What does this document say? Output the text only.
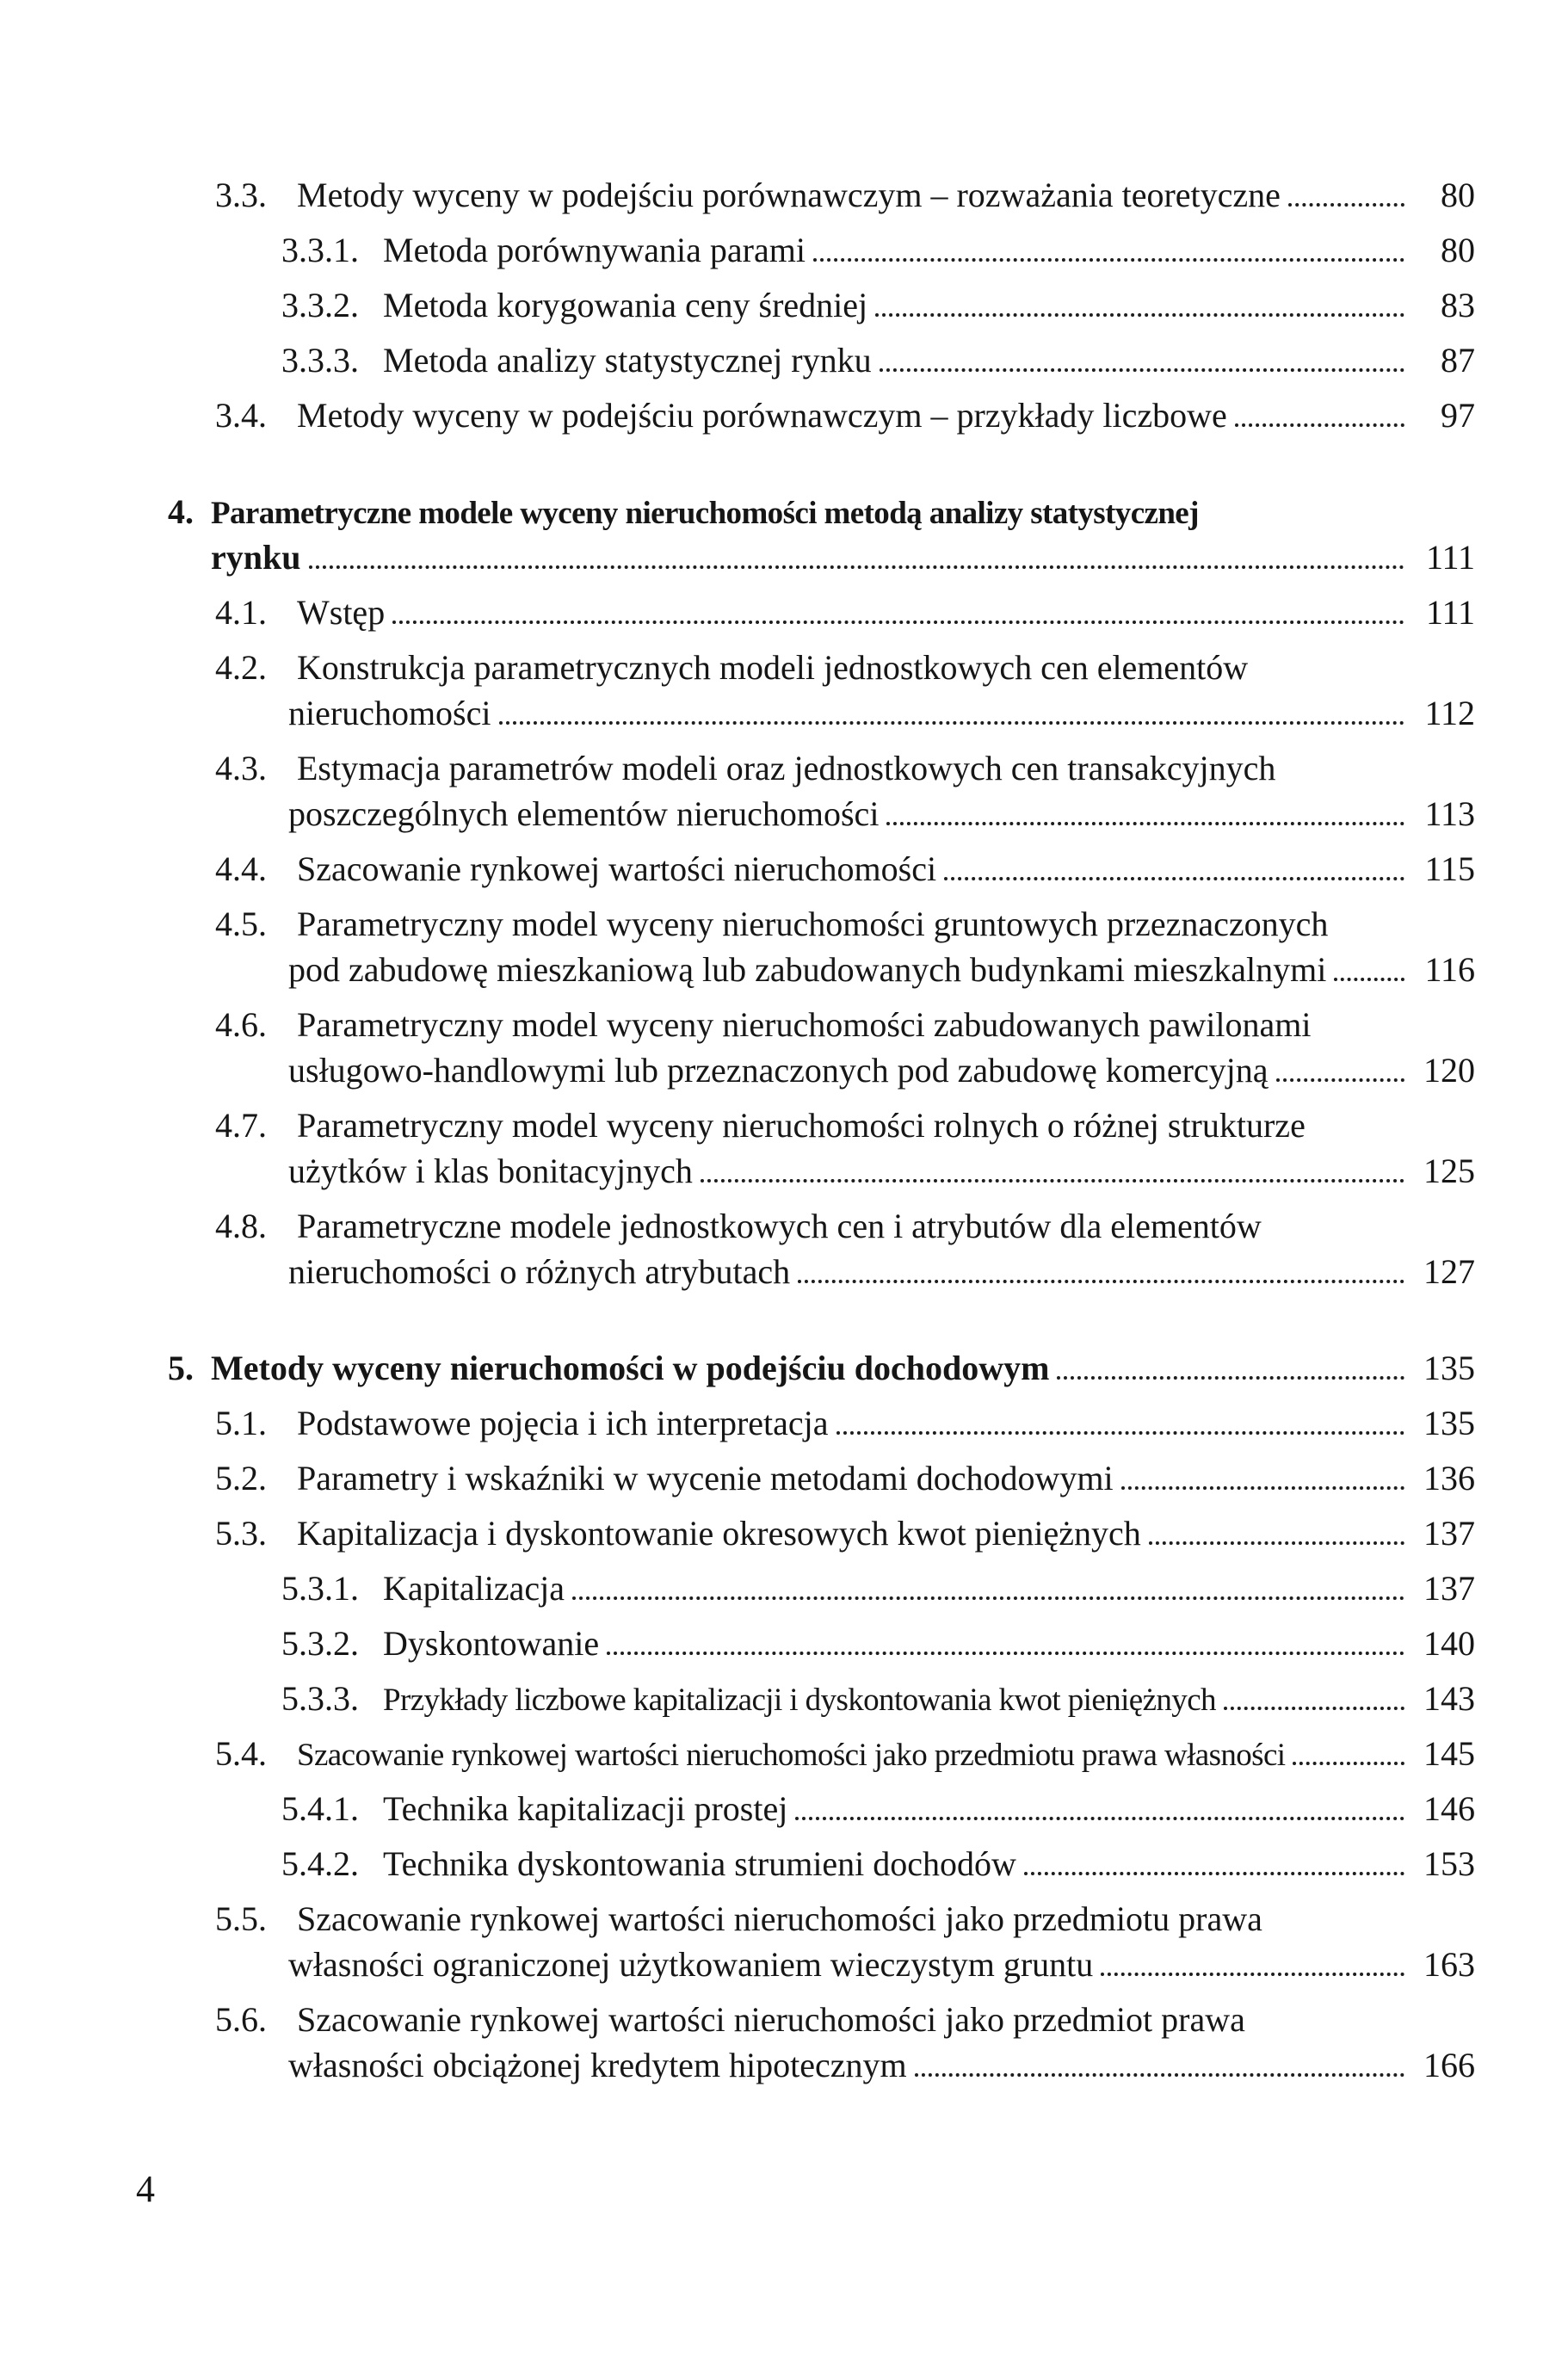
3.3. Metody wyceny w podejściu porównawczym – rozważania teoretyczne	80
3.3.1. Metoda porównywania parami	80
3.3.2. Metoda korygowania ceny średniej	83
3.3.3. Metoda analizy statystycznej rynku	87
3.4. Metody wyceny w podejściu porównawczym – przykłady liczbowe	97
4. Parametryczne modele wyceny nieruchomości metodą analizy statystycznej
rynku	111
4.1. Wstęp	111
4.2. Konstrukcja parametrycznych modeli jednostkowych cen elementów
nieruchomości	112
4.3. Estymacja parametrów modeli oraz jednostkowych cen transakcyjnych
poszczególnych elementów nieruchomości	113
4.4. Szacowanie rynkowej wartości nieruchomości	115
4.5. Parametryczny model wyceny nieruchomości gruntowych przeznaczonych
pod zabudowę mieszkaniową lub zabudowanych budynkami mieszkalnymi	116
4.6. Parametryczny model wyceny nieruchomości zabudowanych pawilonami
usługowo-handlowymi lub przeznaczonych pod zabudowę komercyjną	120
4.7. Parametryczny model wyceny nieruchomości rolnych o różnej strukturze
użytków i klas bonitacyjnych	125
4.8. Parametryczne modele jednostkowych cen i atrybutów dla elementów
nieruchomości o różnych atrybutach	127
5. Metody wyceny nieruchomości w podejściu dochodowym	135
5.1. Podstawowe pojęcia i ich interpretacja	135
5.2. Parametry i wskaźniki w wycenie metodami dochodowymi	136
5.3. Kapitalizacja i dyskontowanie okresowych kwot pieniężnych	137
5.3.1. Kapitalizacja	137
5.3.2. Dyskontowanie	140
5.3.3. Przykłady liczbowe kapitalizacji i dyskontowania kwot pieniężnych	143
5.4. Szacowanie rynkowej wartości nieruchomości jako przedmiotu prawa własności	145
5.4.1. Technika kapitalizacji prostej	146
5.4.2. Technika dyskontowania strumieni dochodów	153
5.5. Szacowanie rynkowej wartości nieruchomości jako przedmiotu prawa
własności ograniczonej użytkowaniem wieczystym gruntu	163
5.6. Szacowanie rynkowej wartości nieruchomości jako przedmiot prawa
własności obciążonej kredytem hipotecznym	166
4
